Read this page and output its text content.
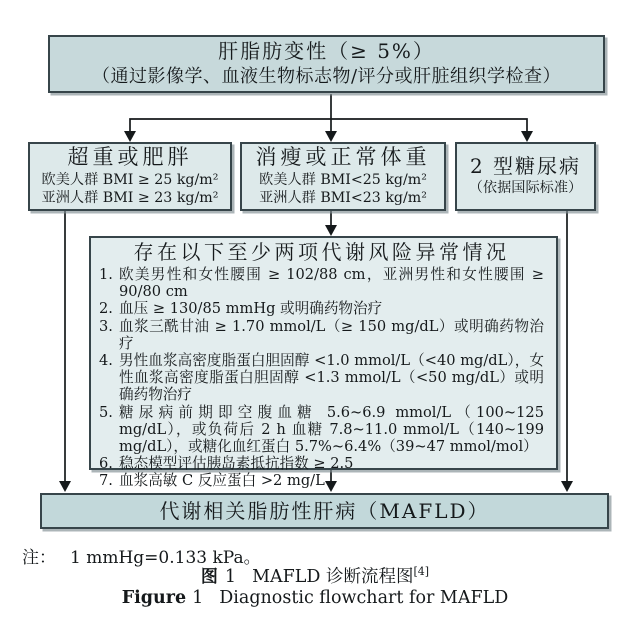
肝脂肪变性（≥ 5%）
（通过影像学、血液生物标志物/评分或肝脏组织学检查）
超重或肥胖
欧美人群 BMI ≥ 25 kg/m²
亚洲人群 BMI ≥ 23 kg/m²
消瘦或正常体重
欧美人群 BMI<25 kg/m²
亚洲人群 BMI<23 kg/m²
2 型糖尿病
（依据国际标准）
存在以下至少两项代谢风险异常情况
1. 欧美男性和女性腰围 ≥ 102/88 cm，亚洲男性和女性腰围 ≥ 90/80 cm
2. 血压 ≥ 130/85 mmHg 或明确药物治疗
3. 血浆三酰甘油 ≥ 1.70 mmol/L（≥ 150 mg/dL）或明确药物治疗
4. 男性血浆高密度脂蛋白胆固醇 <1.0 mmol/L（<40 mg/dL），女性血浆高密度脂蛋白胆固醇 <1.3 mmol/L（<50 mg/dL）或明确药物治疗
5. 糖尿病前期即空腹血糖 5.6~6.9 mmol/L（100~125 mg/dL），或负荷后 2 h 血糖 7.8~11.0 mmol/L（140~199 mg/dL），或糖化血红蛋白 5.7%~6.4%（39~47 mmol/mol）
6. 稳态模型评估胰岛素抵抗指数 ≥ 2.5
7. 血浆高敏 C 反应蛋白 >2 mg/L
代谢相关脂肪性肝病（MAFLD）
注： 1 mmHg=0.133 kPa。
图 1 MAFLD 诊断流程图[4]
Figure 1 Diagnostic flowchart for MAFLD
